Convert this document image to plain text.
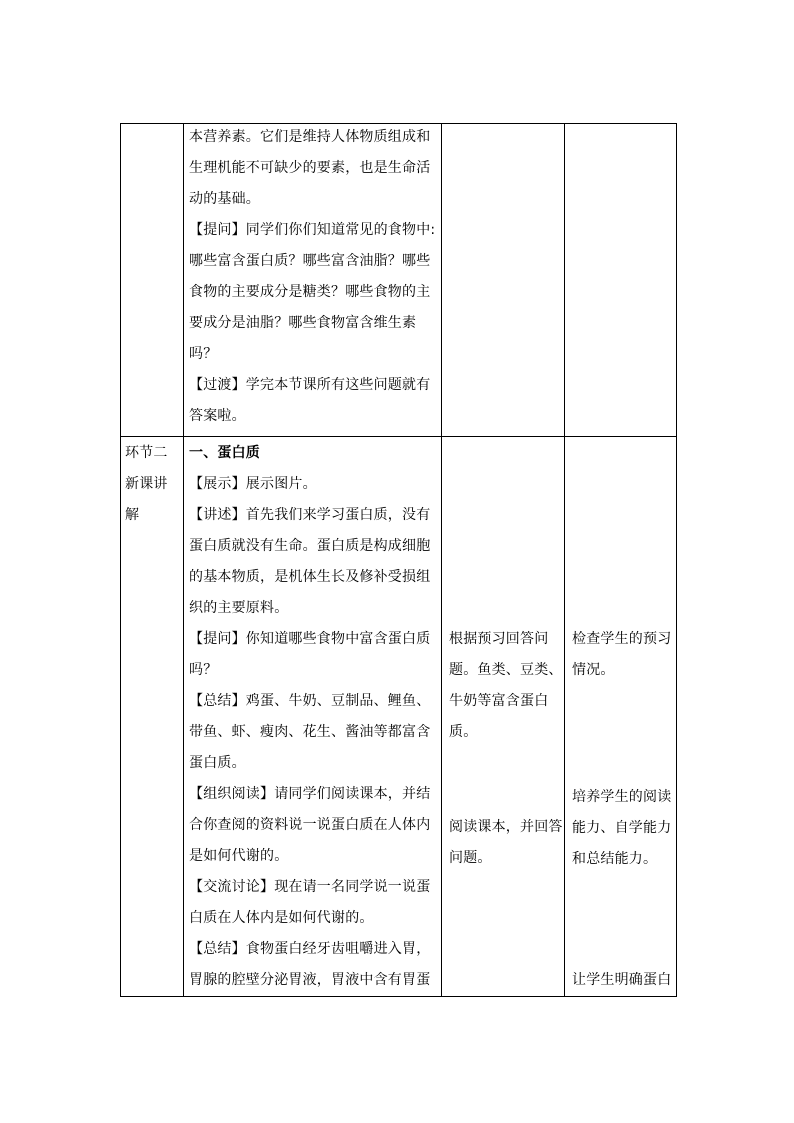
本营养素。它们是维持人体物质组成和
生理机能不可缺少的要素，也是生命活
动的基础。
【提问】同学们你们知道常见的食物中:
哪些富含蛋白质？哪些富含油脂？哪些
食物的主要成分是糖类？哪些食物的主
要成分是油脂？哪些食物富含维生素
吗？
【过渡】学完本节课所有这些问题就有
答案啦。
环节二
新课讲
解
一、蛋白质
【展示】展示图片。
【讲述】首先我们来学习蛋白质，没有
蛋白质就没有生命。蛋白质是构成细胞
的基本物质，是机体生长及修补受损组
织的主要原料。
【提问】你知道哪些食物中富含蛋白质
吗？
【总结】鸡蛋、牛奶、豆制品、鲤鱼、
带鱼、虾、瘦肉、花生、酱油等都富含
蛋白质。
【组织阅读】请同学们阅读课本，并结
合你查阅的资料说一说蛋白质在人体内
是如何代谢的。
【交流讨论】现在请一名同学说一说蛋
白质在人体内是如何代谢的。
【总结】食物蛋白经牙齿咀嚼进入胃，
胃腺的腔壁分泌胃液，胃液中含有胃蛋
根据预习回答问
题。鱼类、豆类、
牛奶等富含蛋白
质。
阅读课本，并回答
问题。
检查学生的预习
情况。
培养学生的阅读
能力、自学能力
和总结能力。
让学生明确蛋白
